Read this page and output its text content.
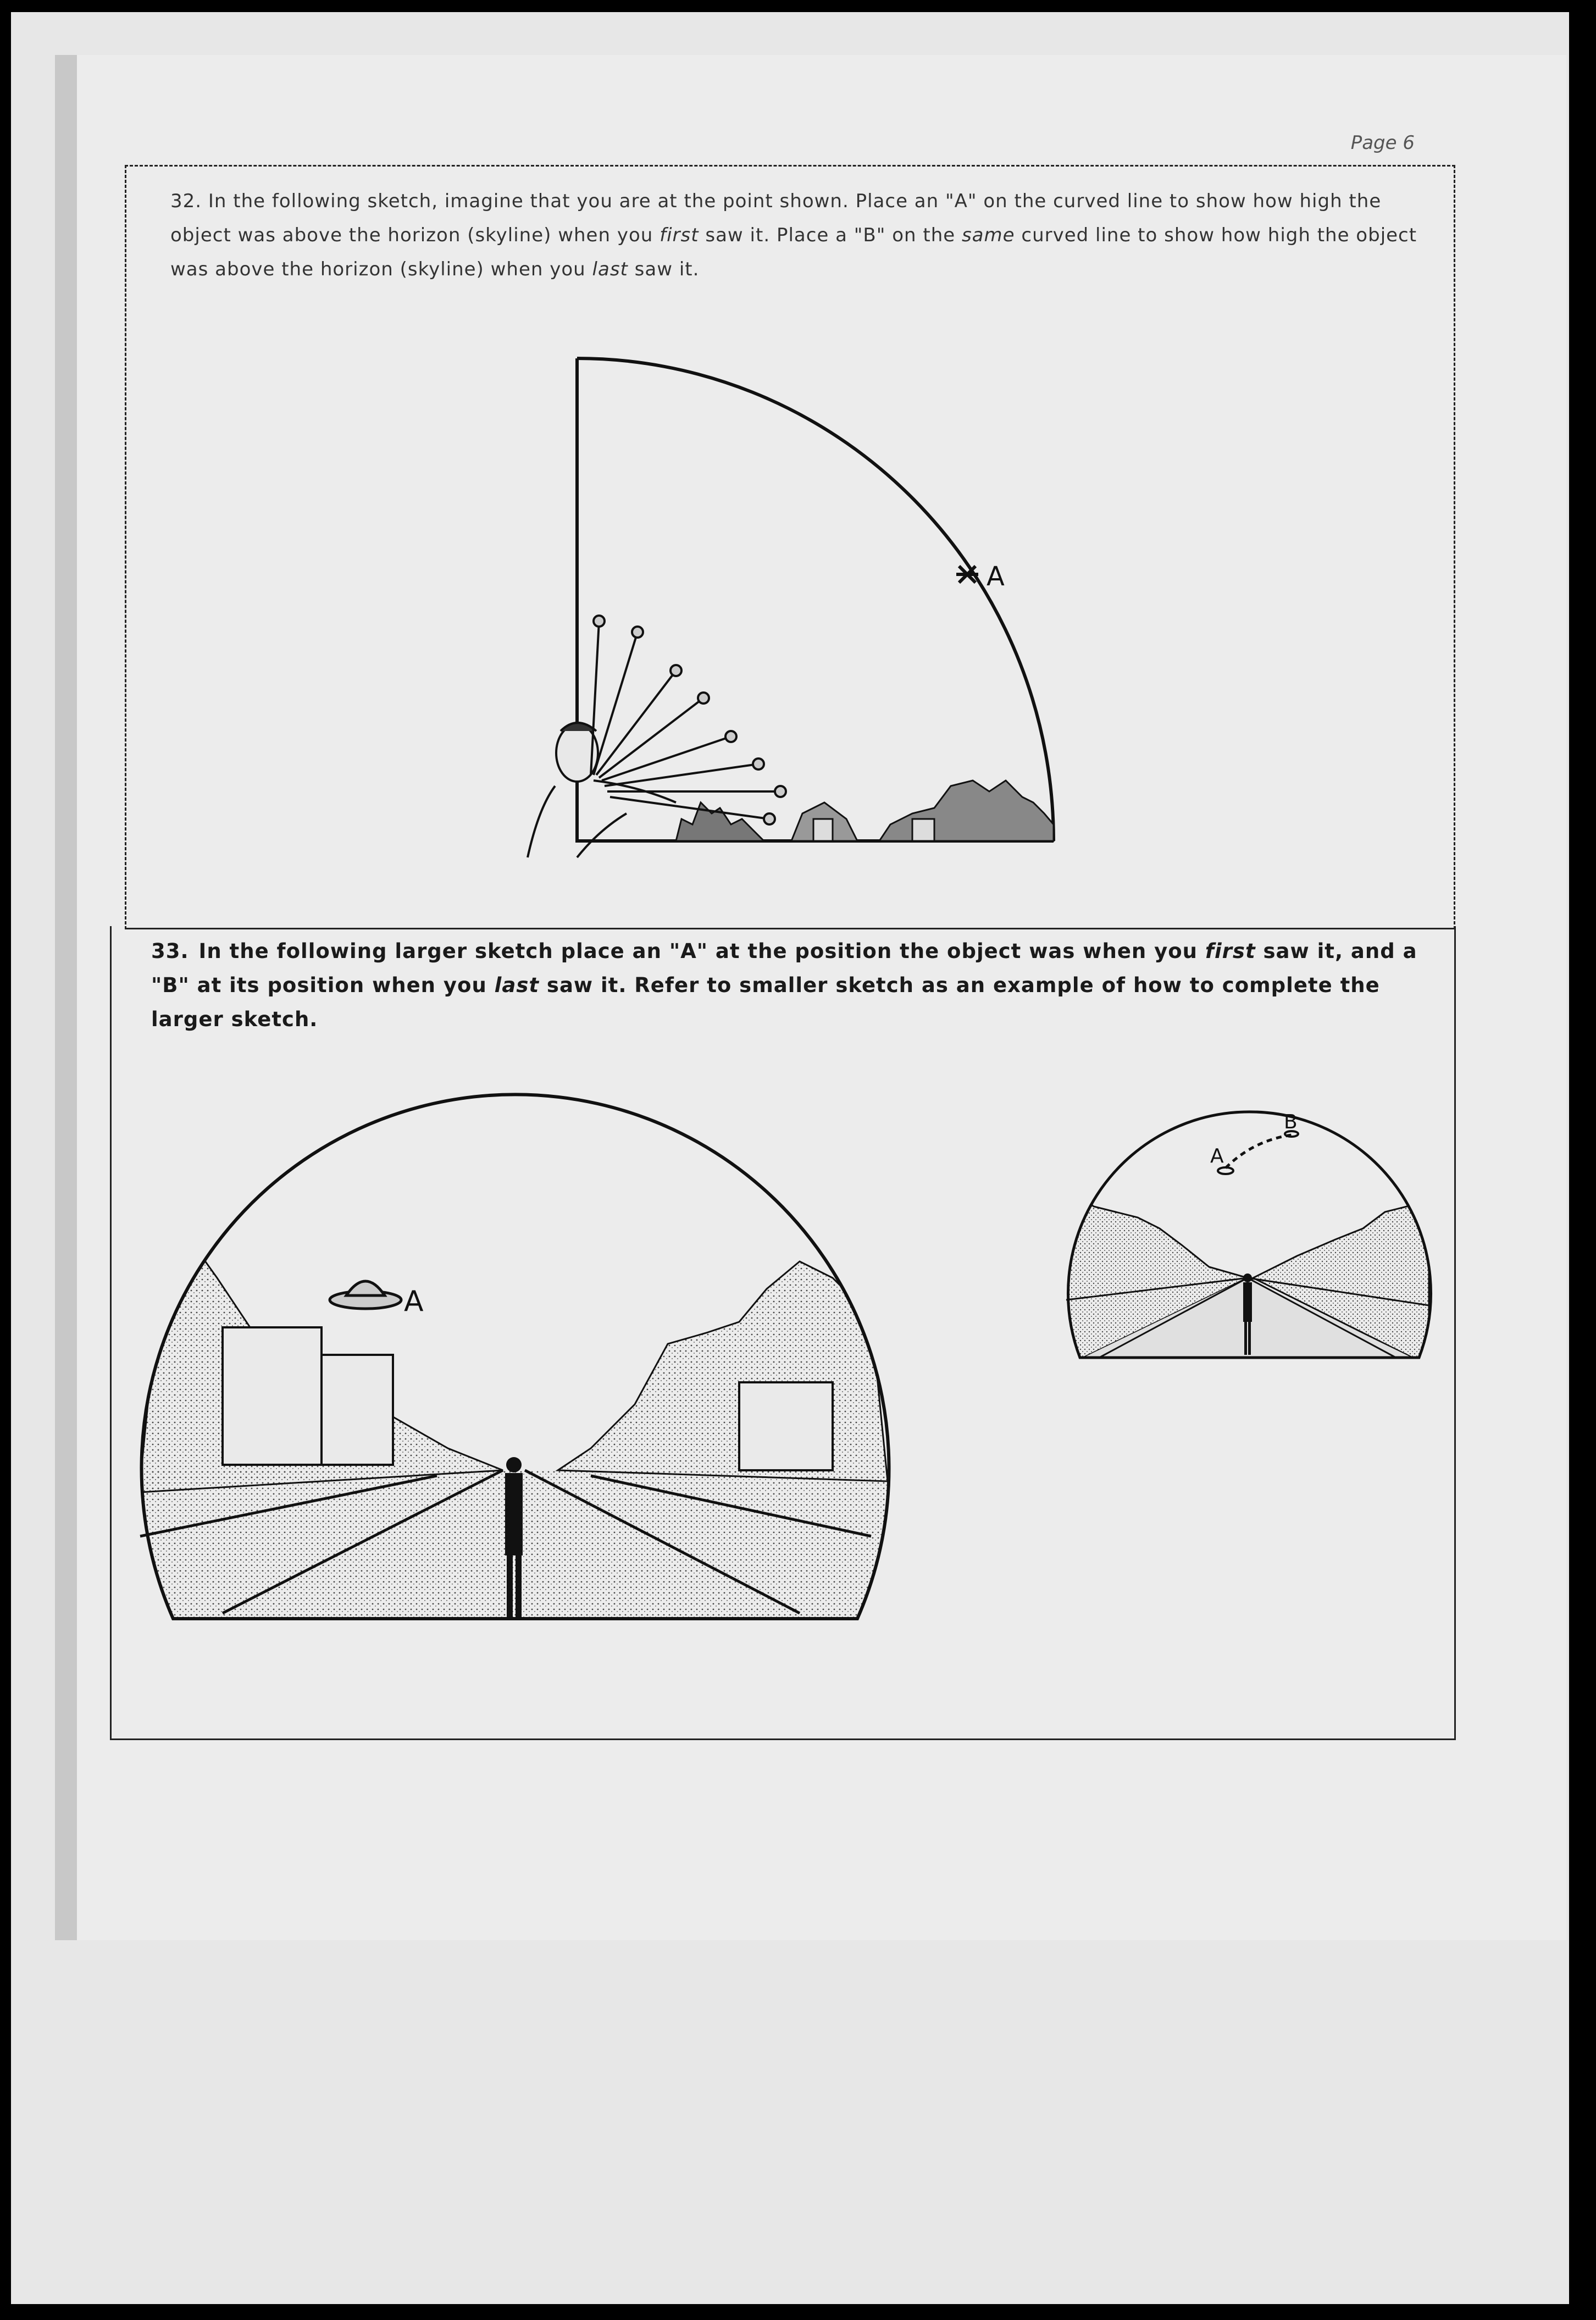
Page 6
32. In the following sketch, imagine that you are at the point shown. Place an "A" on the curved line to show how high the object was above the horizon (skyline) when you first saw it. Place a "B" on the same curved line to show how high the object was above the horizon (skyline) when you last saw it.
A
33. In the following larger sketch place an "A" at the position the object was when you first saw it, and a "B" at its position when you last saw it. Refer to smaller sketch as an example of how to complete the larger sketch.
A
A
B
